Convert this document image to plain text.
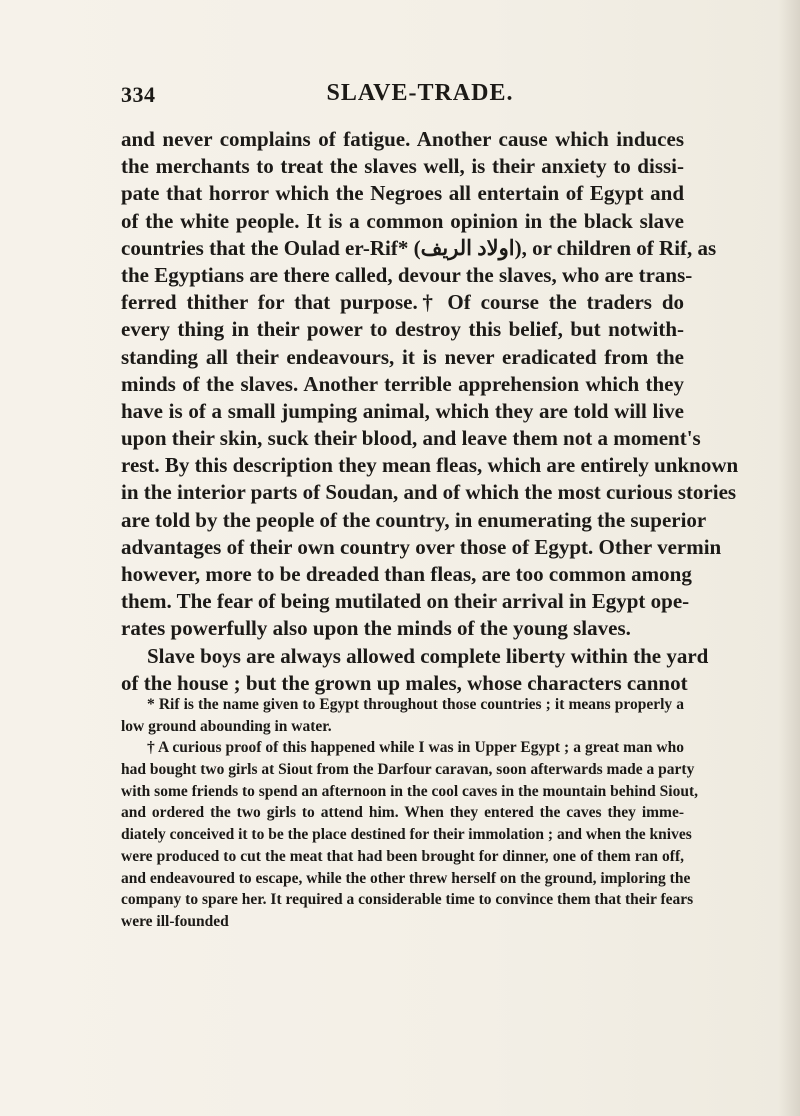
334	SLAVE-TRADE.
and never complains of fatigue. Another cause which induces
the merchants to treat the slaves well, is their anxiety to dissi-
pate that horror which the Negroes all entertain of Egypt and
of the white people. It is a common opinion in the black slave
countries that the Oulad er-Rif* (اولاد الريف), or children of Rif, as
the Egyptians are there called, devour the slaves, who are trans-
ferred thither for that purpose.† Of course the traders do
every thing in their power to destroy this belief, but notwith-
standing all their endeavours, it is never eradicated from the
minds of the slaves. Another terrible apprehension which they
have is of a small jumping animal, which they are told will live
upon their skin, suck their blood, and leave them not a moment's
rest. By this description they mean fleas, which are entirely unknown
in the interior parts of Soudan, and of which the most curious stories
are told by the people of the country, in enumerating the superior
advantages of their own country over those of Egypt. Other vermin
however, more to be dreaded than fleas, are too common among
them. The fear of being mutilated on their arrival in Egypt ope-
rates powerfully also upon the minds of the young slaves.
Slave boys are always allowed complete liberty within the yard
of the house ; but the grown up males, whose characters cannot
* Rif is the name given to Egypt throughout those countries ; it means properly a
low ground abounding in water.
† A curious proof of this happened while I was in Upper Egypt ; a great man who
had bought two girls at Siout from the Darfour caravan, soon afterwards made a party
with some friends to spend an afternoon in the cool caves in the mountain behind Siout,
and ordered the two girls to attend him. When they entered the caves they imme-
diately conceived it to be the place destined for their immolation ; and when the knives
were produced to cut the meat that had been brought for dinner, one of them ran off,
and endeavoured to escape, while the other threw herself on the ground, imploring the
company to spare her. It required a considerable time to convince them that their fears
were ill-founded
